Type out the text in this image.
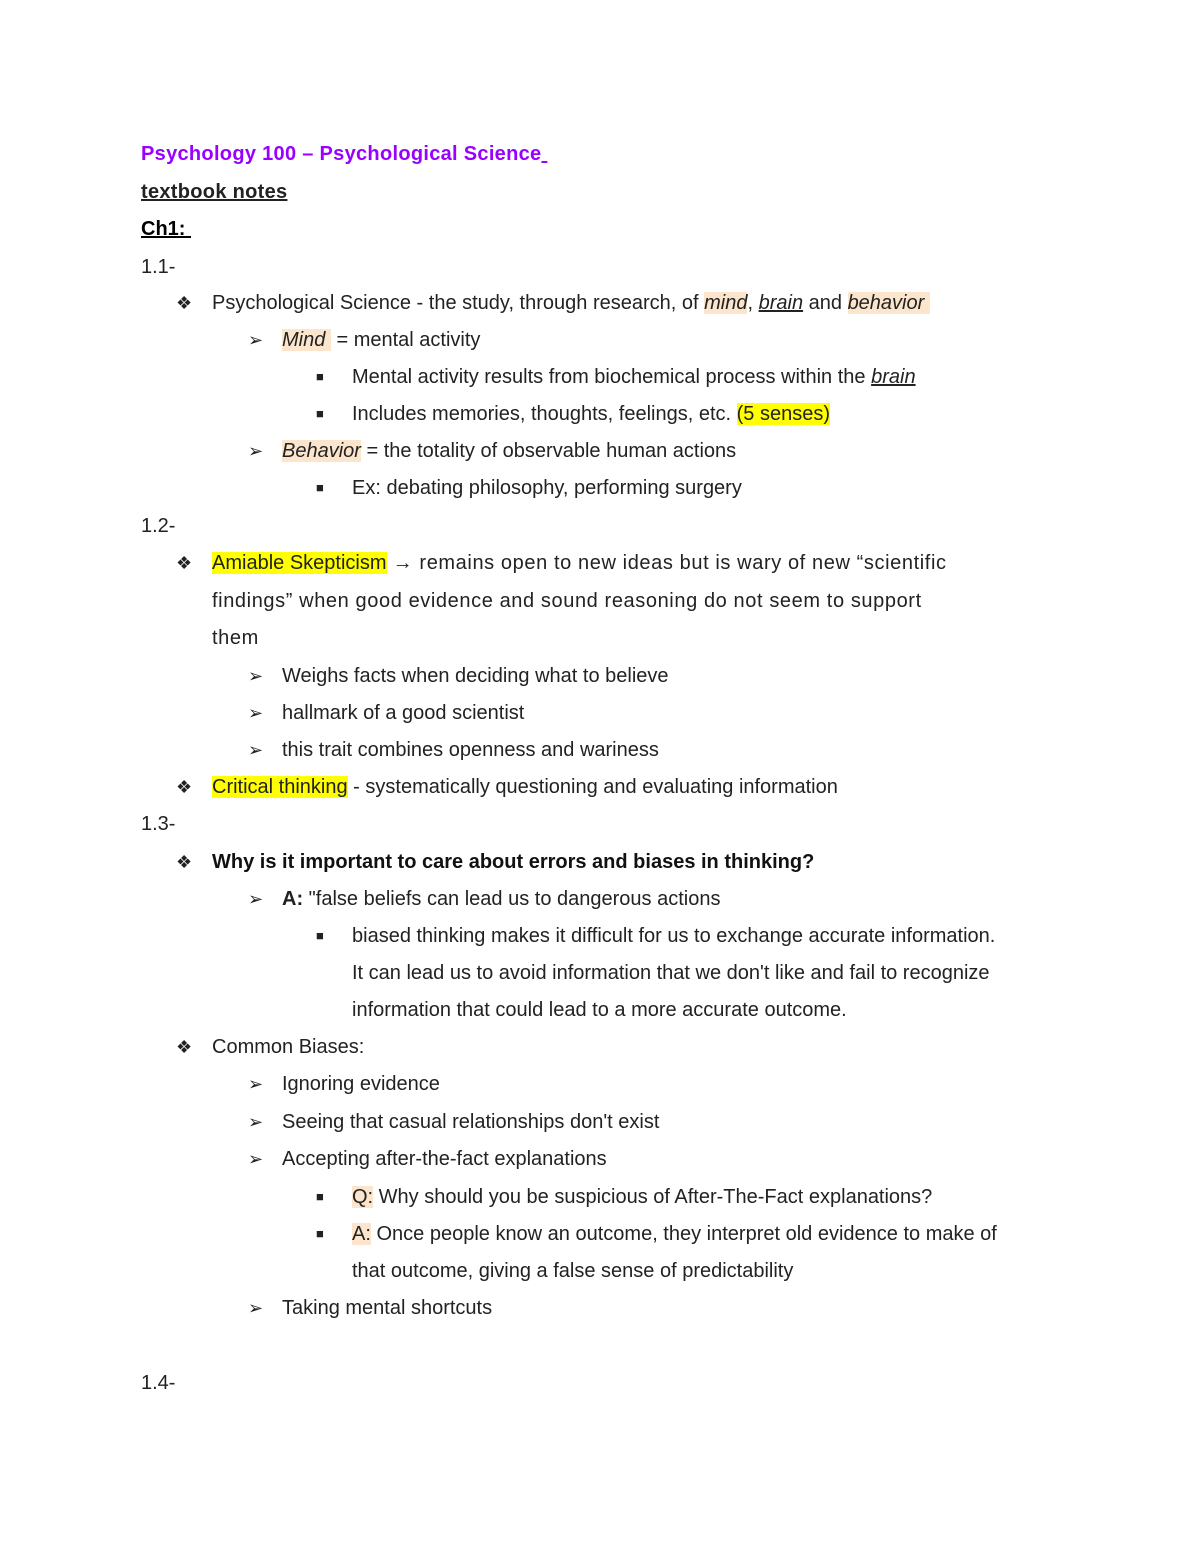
Psychology 100 – Psychological Science
textbook notes
Ch1:
1.1-
❖ Psychological Science - the study, through research, of mind, brain and behavior
➢ Mind  = mental activity
■ Mental activity results from biochemical process within the brain
■ Includes memories, thoughts, feelings, etc. (5 senses)
➢ Behavior = the totality of observable human actions
■ Ex: debating philosophy, performing surgery
1.2-
❖ Amiable Skepticism → remains open to new ideas but is wary of new “scientific
findings” when good evidence and sound reasoning do not seem to support
them
➢ Weighs facts when deciding what to believe
➢ hallmark of a good scientist
➢ this trait combines openness and wariness
❖ Critical thinking - systematically questioning and evaluating information
1.3-
❖ Why is it important to care about errors and biases in thinking?
➢ A: "false beliefs can lead us to dangerous actions
■ biased thinking makes it difficult for us to exchange accurate information.
It can lead us to avoid information that we don't like and fail to recognize
information that could lead to a more accurate outcome.
❖ Common Biases:
➢ Ignoring evidence
➢ Seeing that casual relationships don't exist
➢ Accepting after-the-fact explanations
■ Q: Why should you be suspicious of After-The-Fact explanations?
■ A: Once people know an outcome, they interpret old evidence to make of
that outcome, giving a false sense of predictability
➢ Taking mental shortcuts
1.4-
